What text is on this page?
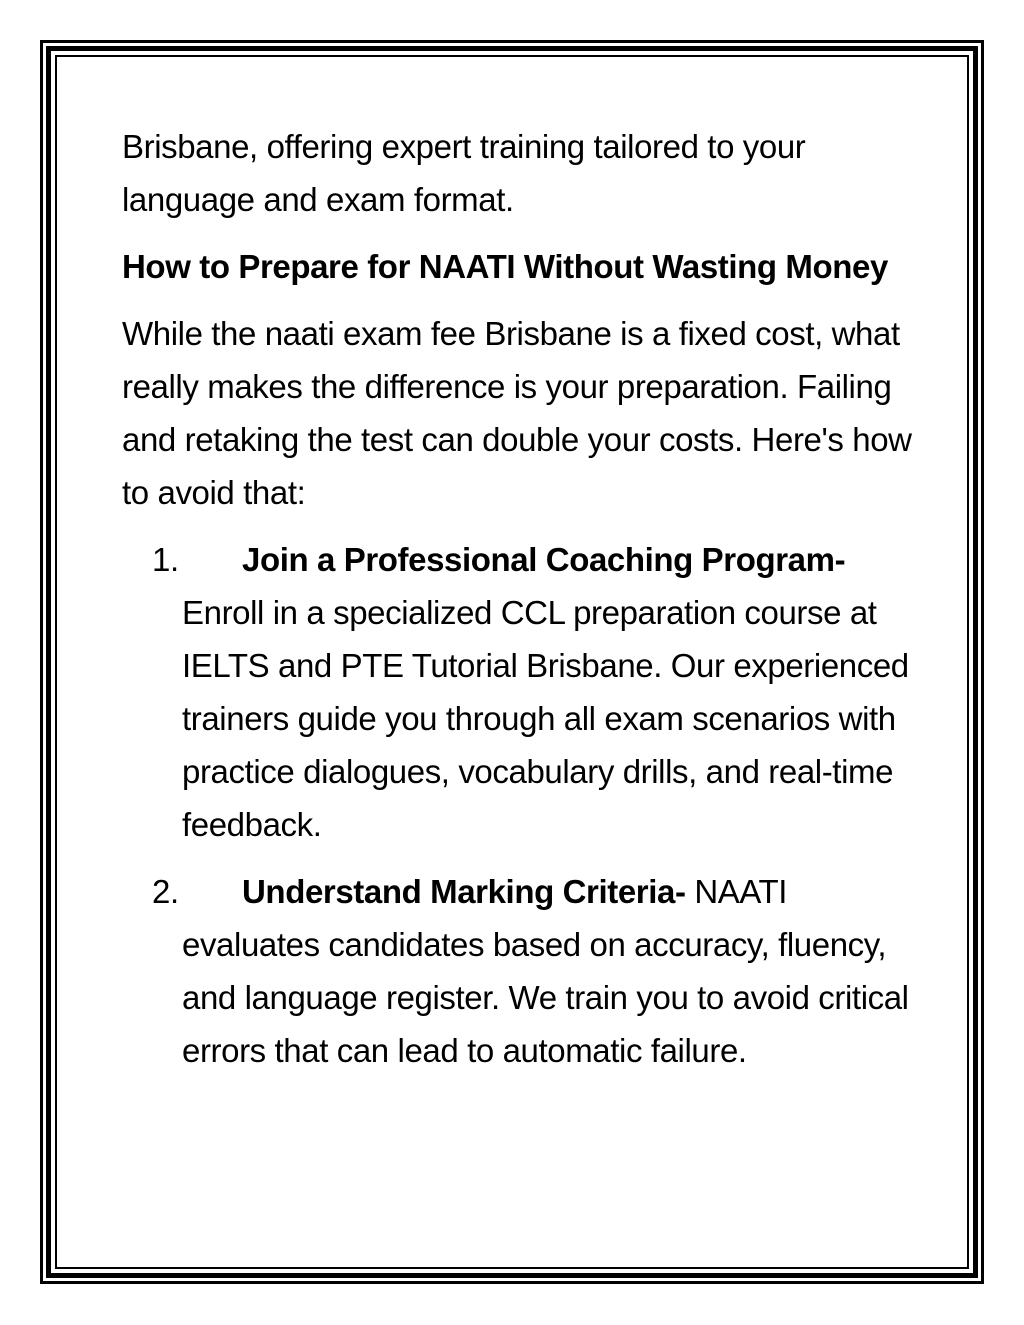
Brisbane, offering expert training tailored to your language and exam format.

How to Prepare for NAATI Without Wasting Money

While the naati exam fee Brisbane is a fixed cost, what really makes the difference is your preparation. Failing and retaking the test can double your costs. Here's how to avoid that:

1.	Join a Professional Coaching Program-Enroll in a specialized CCL preparation course at IELTS and PTE Tutorial Brisbane. Our experienced trainers guide you through all exam scenarios with practice dialogues, vocabulary drills, and real-time feedback.
2.	Understand Marking Criteria- NAATI evaluates candidates based on accuracy, fluency, and language register. We train you to avoid critical errors that can lead to automatic failure.
